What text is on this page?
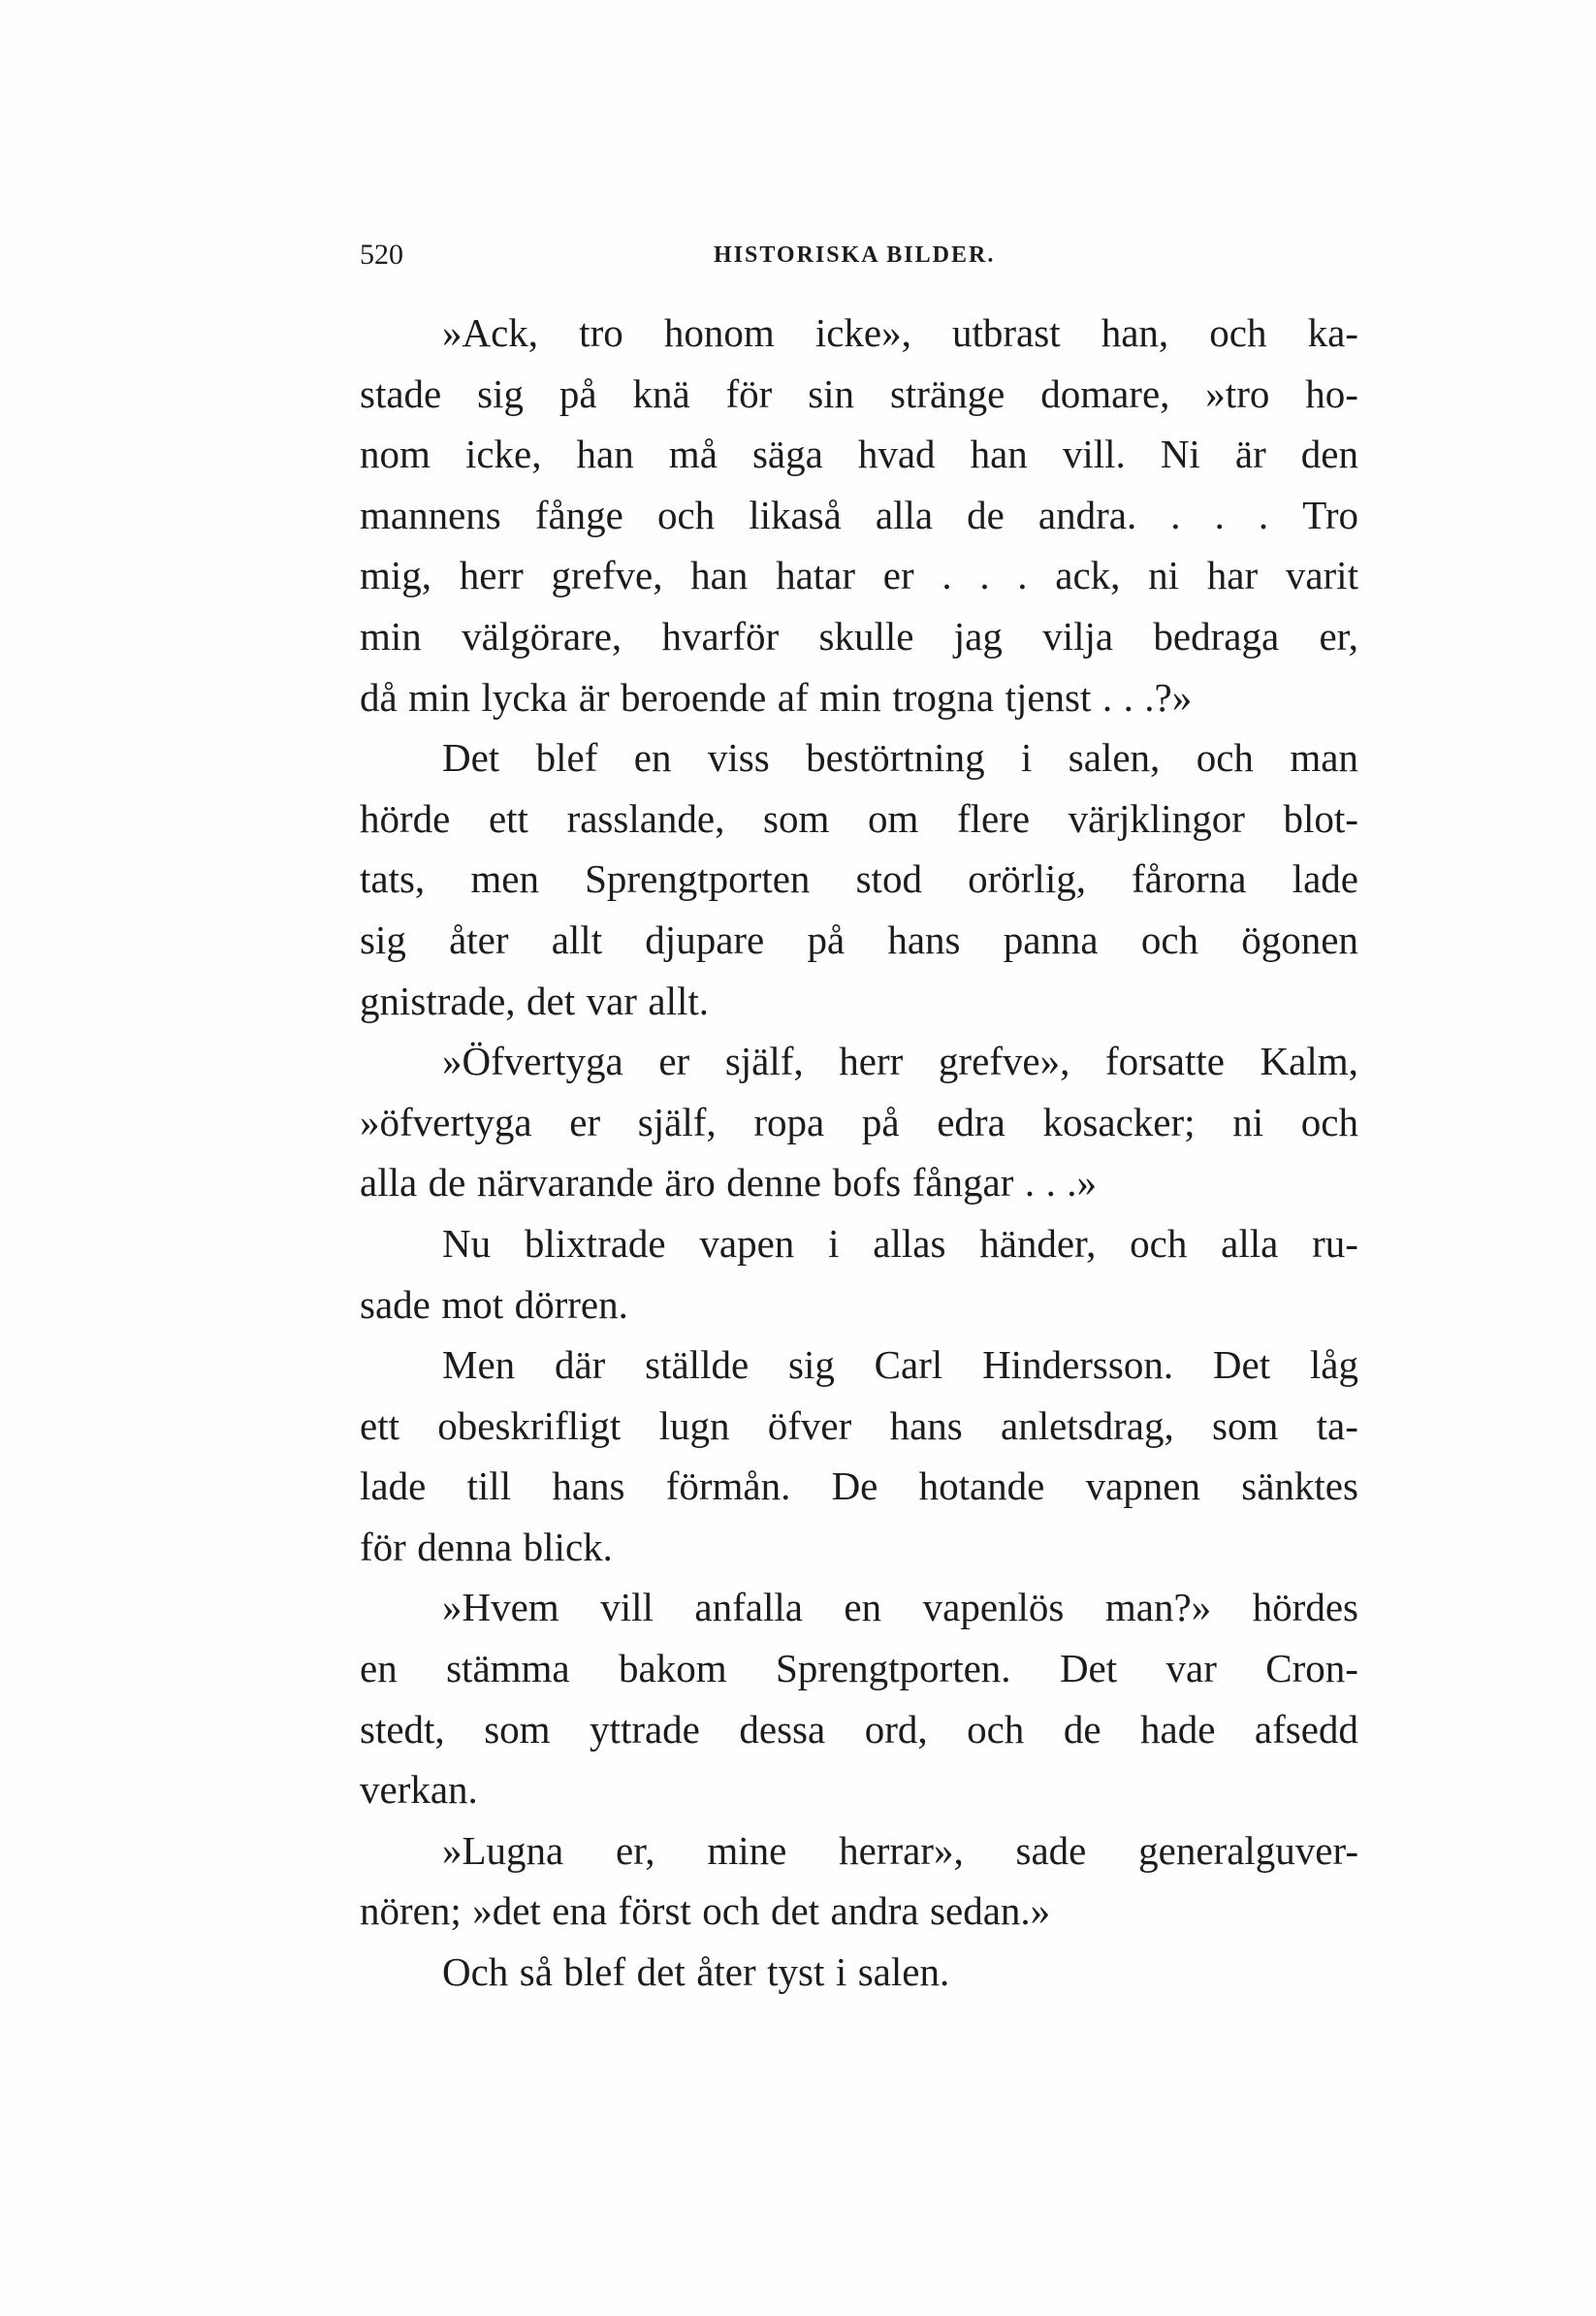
520	HISTORISKA BILDER.
»Ack, tro honom icke», utbrast han, och ka-
stade sig på knä för sin stränge domare, »tro ho-
nom icke, han må säga hvad han vill. Ni är den
mannens fånge och likaså alla de andra. . . . Tro
mig, herr grefve, han hatar er . . . ack, ni har varit
min välgörare, hvarför skulle jag vilja bedraga er,
då min lycka är beroende af min trogna tjenst . . .?»
Det blef en viss bestörtning i salen, och man
hörde ett rasslande, som om flere värjklingor blot-
tats, men Sprengtporten stod orörlig, fårorna lade
sig åter allt djupare på hans panna och ögonen
gnistrade, det var allt.
»Öfvertyga er själf, herr grefve», forsatte Kalm,
»öfvertyga er själf, ropa på edra kosacker; ni och
alla de närvarande äro denne bofs fångar . . .»
Nu blixtrade vapen i allas händer, och alla ru-
sade mot dörren.
Men där ställde sig Carl Hindersson. Det låg
ett obeskrifligt lugn öfver hans anletsdrag, som ta-
lade till hans förmån. De hotande vapnen sänktes
för denna blick.
»Hvem vill anfalla en vapenlös man?» hördes
en stämma bakom Sprengtporten. Det var Cron-
stedt, som yttrade dessa ord, och de hade afsedd
verkan.
»Lugna er, mine herrar», sade generalguver-
nören; »det ena först och det andra sedan.»
Och så blef det åter tyst i salen.
